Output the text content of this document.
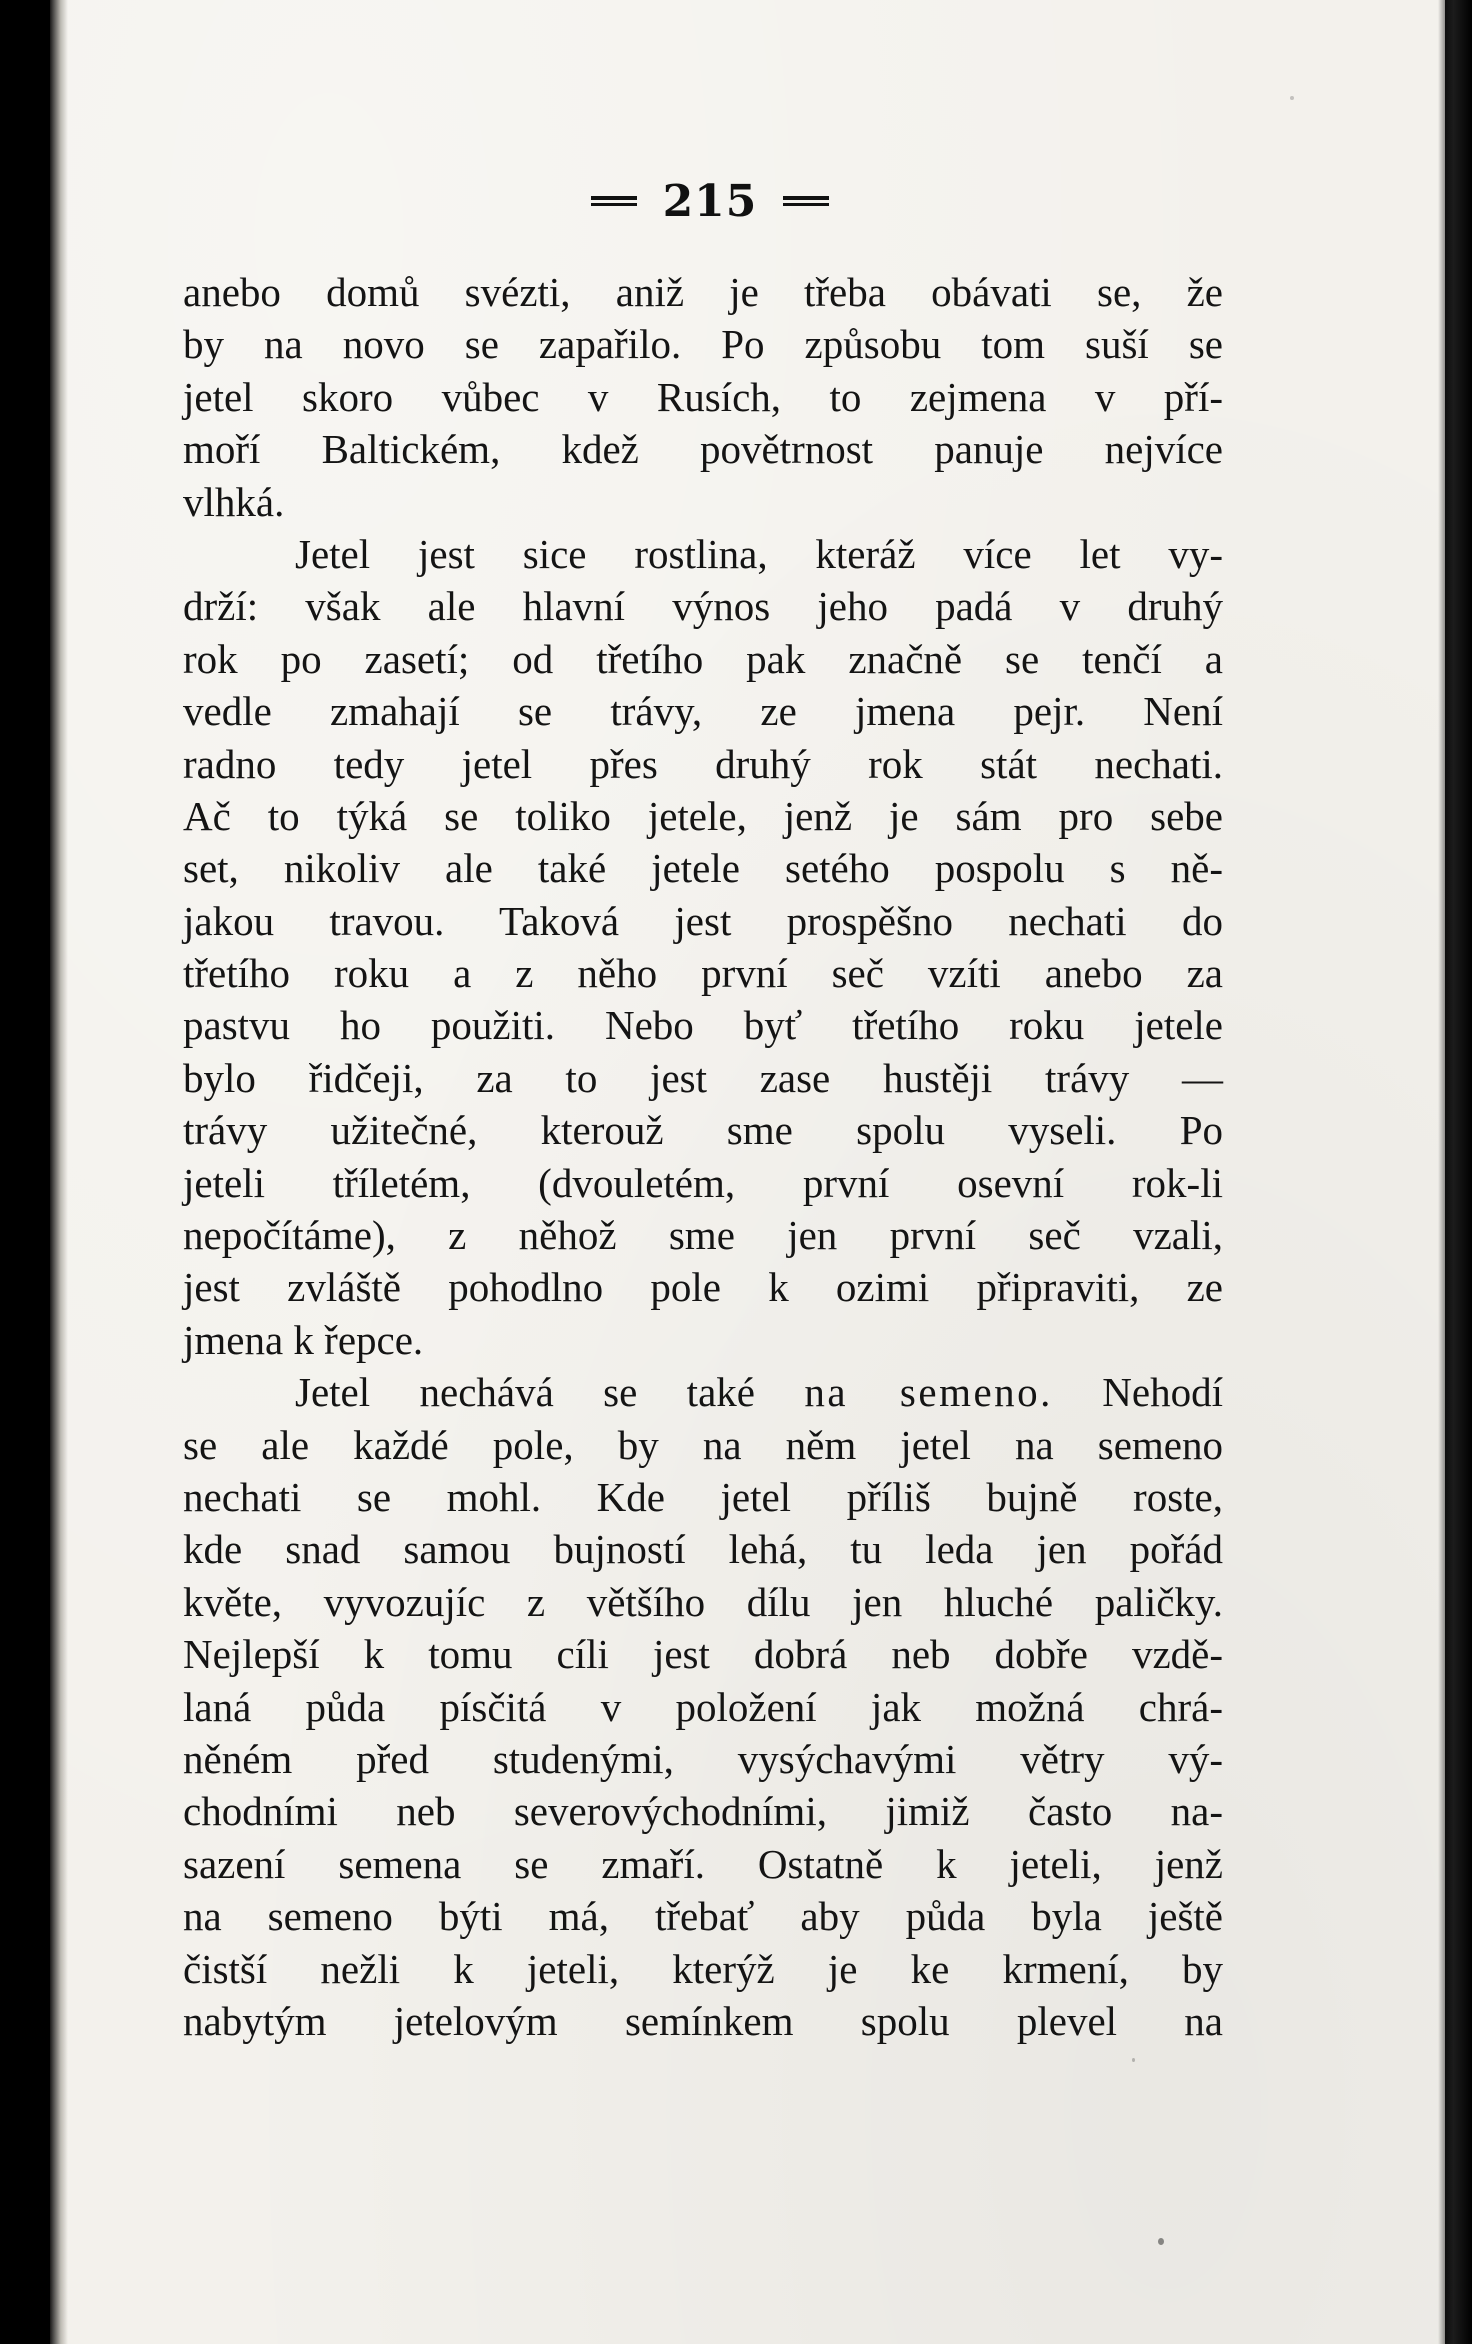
215
anebo domů svézti, aniž je třeba obávati se, že
by na novo se zapařilo. Po způsobu tom suší se
jetel skoro vůbec v Rusích, to zejmena v pří-
moří Baltickém, kdež povětrnost panuje nejvíce
vlhká.
Jetel jest sice rostlina, kteráž více let vy-
drží: však ale hlavní výnos jeho padá v druhý
rok po zasetí; od třetího pak značně se tenčí a
vedle zmahají se trávy, ze jmena pejr. Není
radno tedy jetel přes druhý rok stát nechati.
Ač to týká se toliko jetele, jenž je sám pro sebe
set, nikoliv ale také jetele setého pospolu s ně-
jakou travou. Taková jest prospěšno nechati do
třetího roku a z něho první seč vzíti anebo za
pastvu ho použiti. Nebo byť třetího roku jetele
bylo řidčeji, za to jest zase hustěji trávy —
trávy užitečné, kterouž sme spolu vyseli. Po
jeteli tříletém, (dvouletém, první osevní rok-li
nepočítáme), z něhož sme jen první seč vzali,
jest zvláště pohodlno pole k ozimi připraviti, ze
jmena k řepce.
Jetel nechává se také na semeno. Nehodí
se ale každé pole, by na něm jetel na semeno
nechati se mohl. Kde jetel příliš bujně roste,
kde snad samou bujností lehá, tu leda jen pořád
květe, vyvozujíc z většího dílu jen hluché paličky.
Nejlepší k tomu cíli jest dobrá neb dobře vzdě-
laná půda písčitá v položení jak možná chrá-
něném před studenými, vysýchavými větry vý-
chodními neb severovýchodními, jimiž často na-
sazení semena se zmaří. Ostatně k jeteli, jenž
na semeno býti má, třebať aby půda byla ještě
čistší nežli k jeteli, kterýž je ke krmení, by
nabytým jetelovým semínkem spolu plevel na
